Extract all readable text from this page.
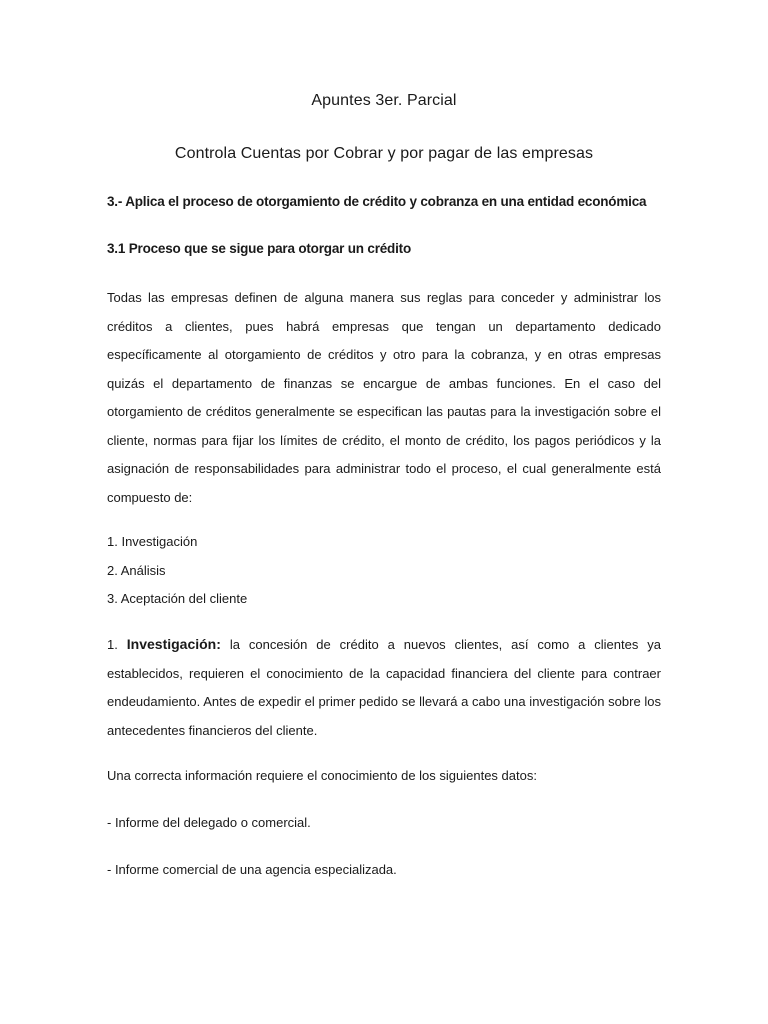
Apuntes 3er. Parcial
Controla Cuentas por Cobrar y por pagar de las empresas
3.- Aplica el proceso de otorgamiento de crédito y cobranza en una entidad económica
3.1 Proceso que se sigue para otorgar un crédito
Todas las empresas definen de alguna manera sus reglas para conceder y administrar los créditos a clientes, pues habrá empresas que tengan un departamento dedicado específicamente al otorgamiento de créditos y otro para la cobranza, y en otras empresas quizás el departamento de finanzas se encargue de ambas funciones. En el caso del otorgamiento de créditos generalmente se especifican las pautas para la investigación sobre el cliente, normas para fijar los límites de crédito, el monto de crédito, los pagos periódicos y la asignación de responsabilidades para administrar todo el proceso, el cual generalmente está compuesto de:
1. Investigación
2. Análisis
3. Aceptación del cliente
1. Investigación: la concesión de crédito a nuevos clientes, así como a clientes ya establecidos, requieren el conocimiento de la capacidad financiera del cliente para contraer endeudamiento. Antes de expedir el primer pedido se llevará a cabo una investigación sobre los antecedentes financieros del cliente.
Una correcta información requiere el conocimiento de los siguientes datos:
- Informe del delegado o comercial.
- Informe comercial de una agencia especializada.
